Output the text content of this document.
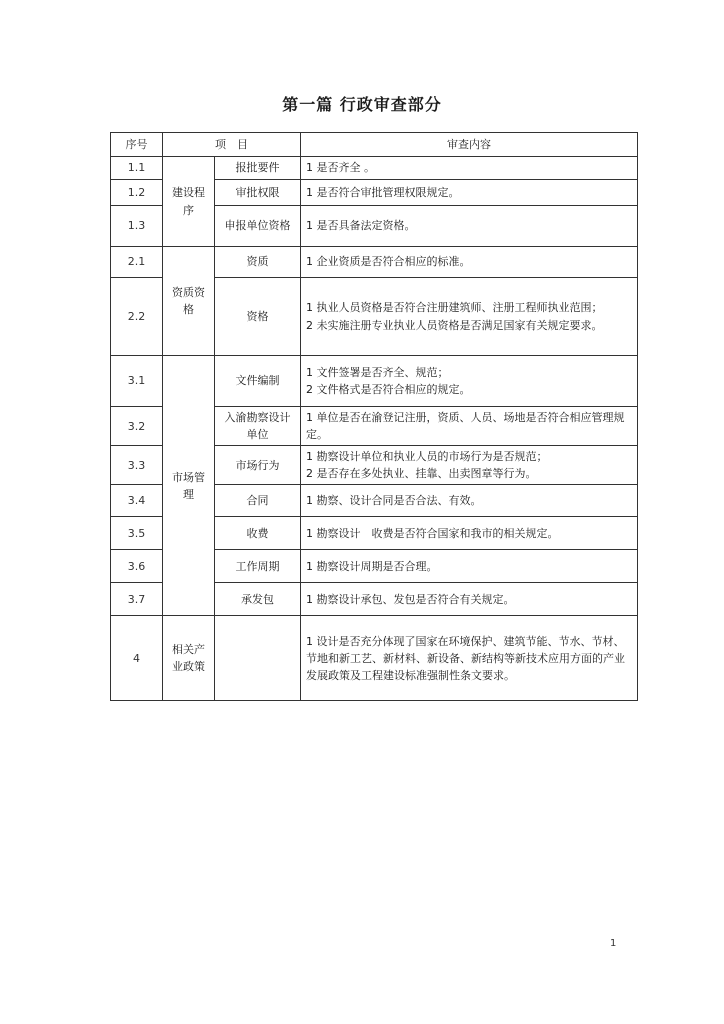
第一篇 行政审查部分
序号	项　目		审查内容
1.1	建设程序	报批要件	1 是否齐全 。

1.2		审批权限	1 是否符合审批管理权限规定。

1.3		申报单位资格	1 是否具备法定资格。

2.1	资质资格	资质	1 企业资质是否符合相应的标准。

2.2		资格	1 执业人员资格是否符合注册建筑师、注册工程师执业范围；
2 未实施注册专业执业人员资格是否满足国家有关规定要求。

3.1	市场管理	文件编制	1 文件签署是否齐全、规范；
2 文件格式是否符合相应的规定。

3.2		入渝勘察设计单位	1 单位是否在渝登记注册，资质、人员、场地是否符合相应管理规定。

3.3		市场行为	1 勘察设计单位和执业人员的市场行为是否规范；
2 是否存在多处执业、挂靠、出卖图章等行为。

3.4		合同	1 勘察、设计合同是否合法、有效。

3.5		收费	1 勘察设计　收费是否符合国家和我市的相关规定。

3.6		工作周期	1 勘察设计周期是否合理。

3.7		承发包	1 勘察设计承包、发包是否符合有关规定。

4	相关产业政策		1 设计是否充分体现了国家在环境保护、建筑节能、节水、节材、节地和新工艺、新材料、新设备、新结构等新技术应用方面的产业发展政策及工程建设标准强制性条文要求。
1
